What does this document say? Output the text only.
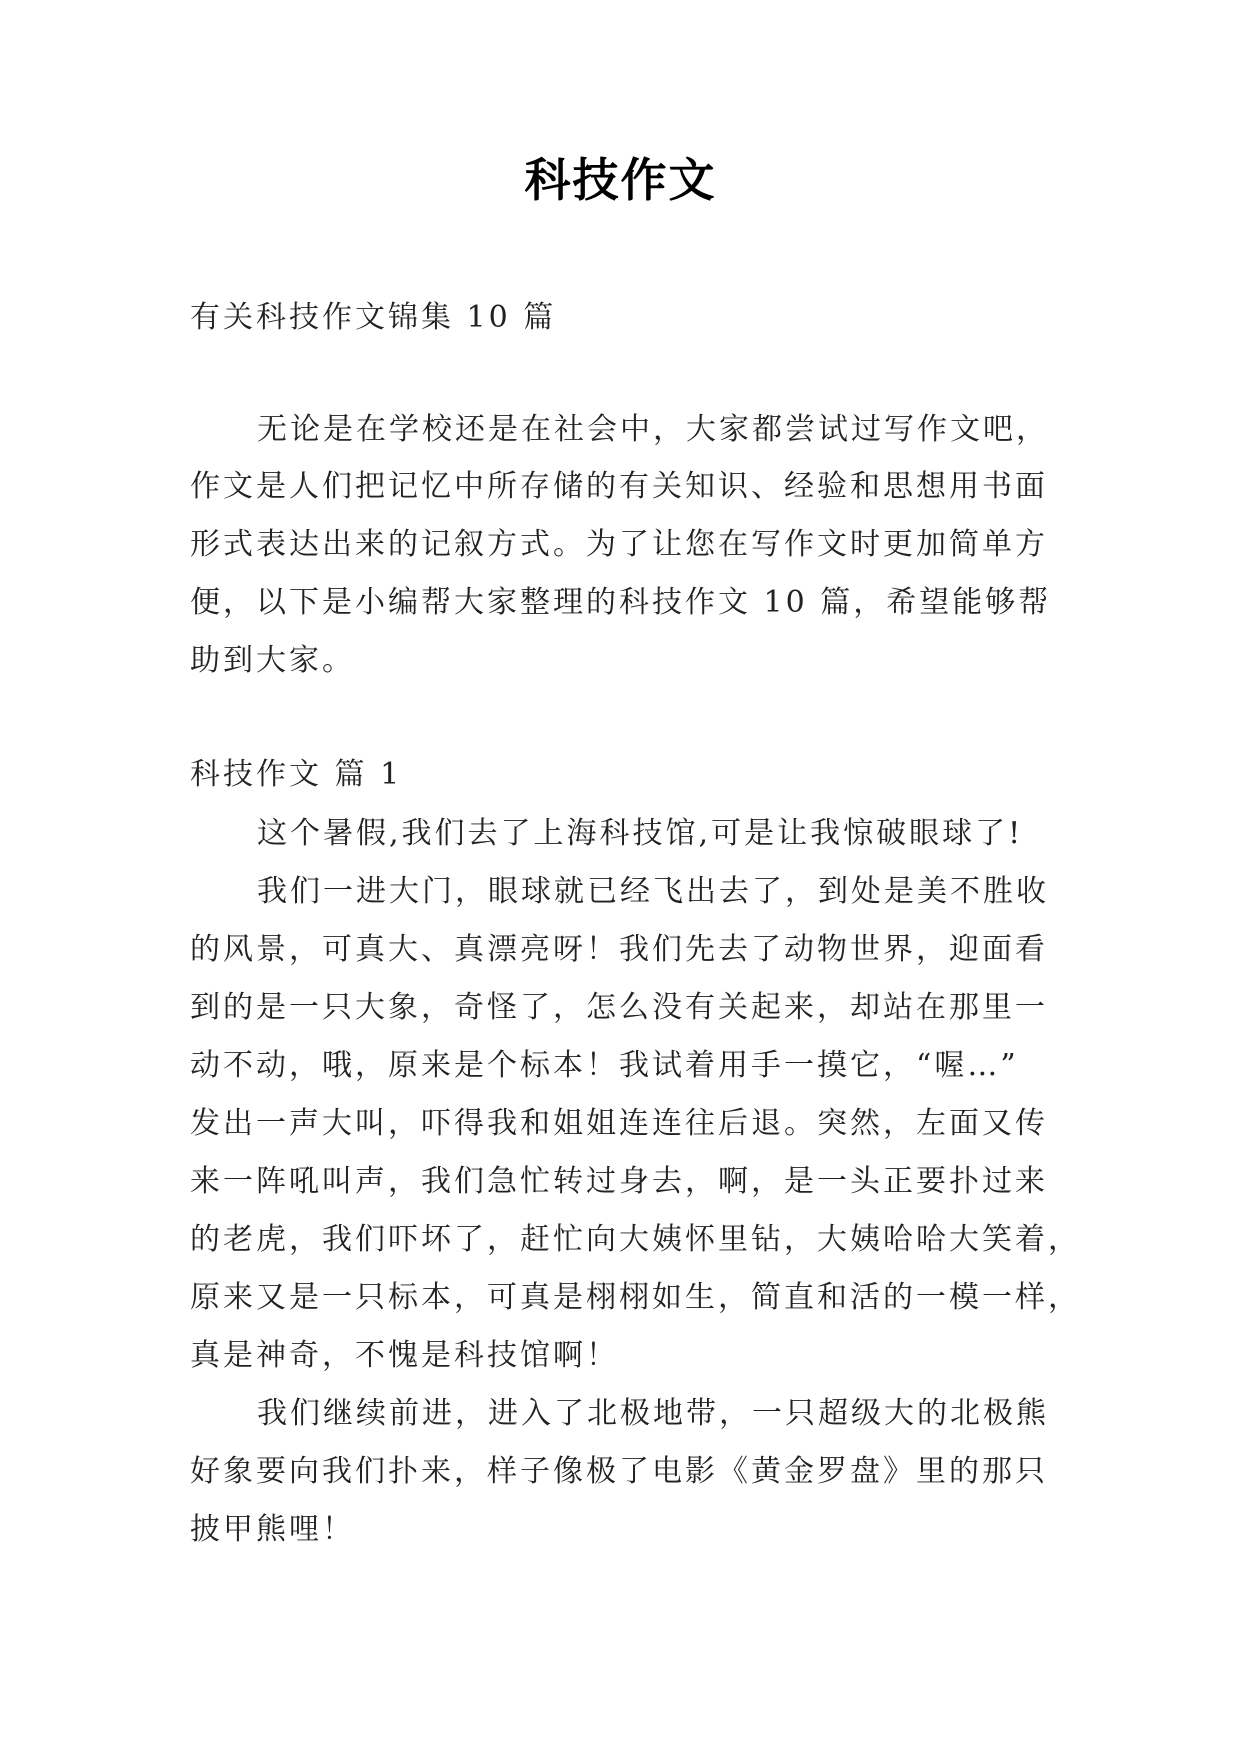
科技作文
有关科技作文锦集 10 篇
无论是在学校还是在社会中，大家都尝试过写作文吧，
作文是人们把记忆中所存储的有关知识、经验和思想用书面
形式表达出来的记叙方式。为了让您在写作文时更加简单方
便，以下是小编帮大家整理的科技作文 10 篇，希望能够帮
助到大家。
科技作文 篇 1
这个暑假,我们去了上海科技馆,可是让我惊破眼球了!
我们一进大门，眼球就已经飞出去了，到处是美不胜收
的风景，可真大、真漂亮呀！我们先去了动物世界，迎面看
到的是一只大象，奇怪了，怎么没有关起来，却站在那里一
动不动，哦，原来是个标本！我试着用手一摸它，“喔…”
发出一声大叫，吓得我和姐姐连连往后退。突然，左面又传
来一阵吼叫声，我们急忙转过身去，啊，是一头正要扑过来
的老虎，我们吓坏了，赶忙向大姨怀里钻，大姨哈哈大笑着，
原来又是一只标本，可真是栩栩如生，简直和活的一模一样，
真是神奇，不愧是科技馆啊！
我们继续前进，进入了北极地带，一只超级大的北极熊
好象要向我们扑来，样子像极了电影《黄金罗盘》里的那只
披甲熊哩！
